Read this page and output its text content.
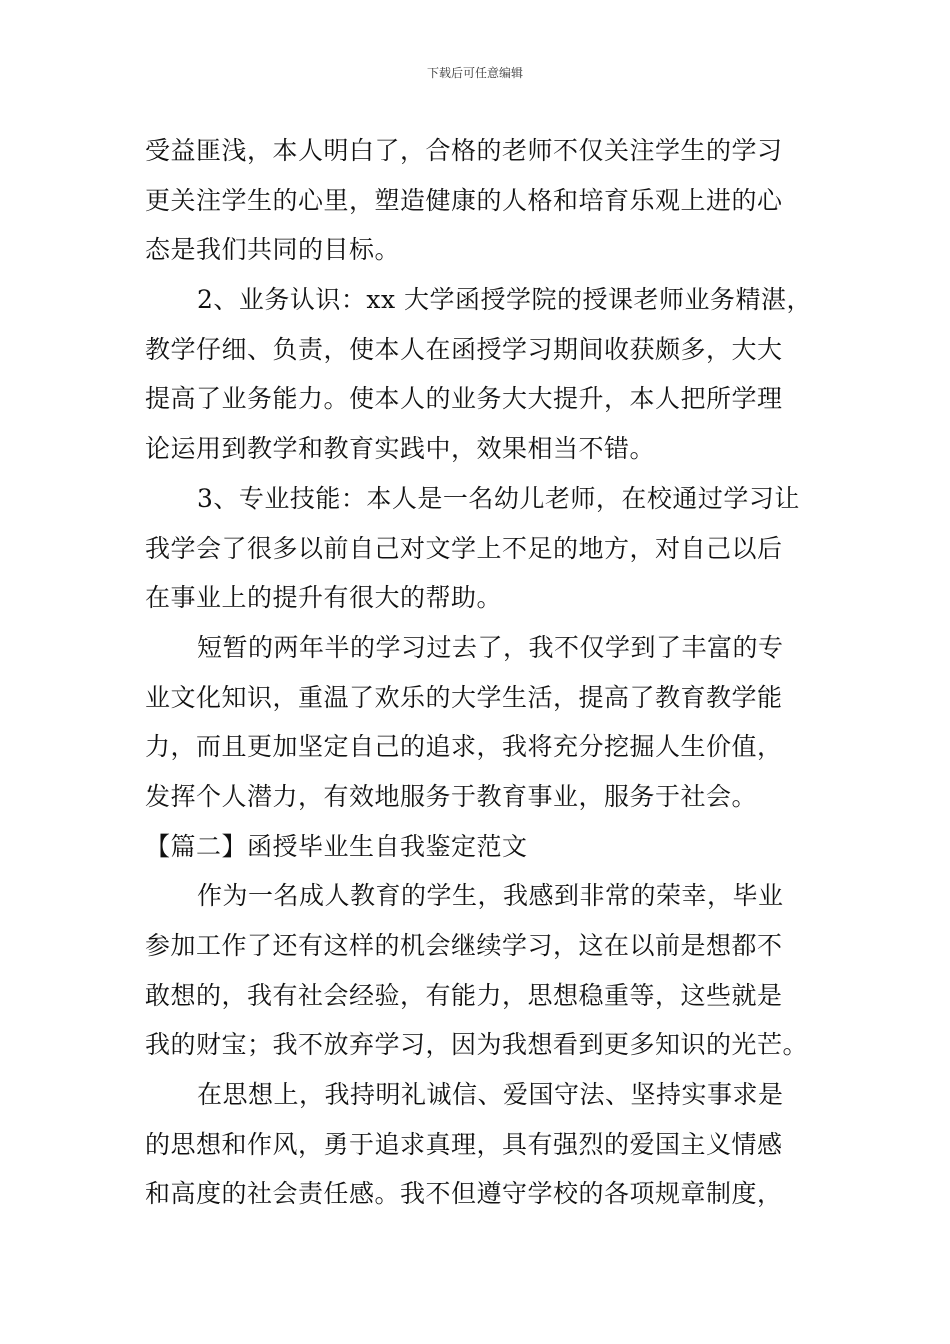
下载后可任意编辑
受益匪浅，本人明白了，合格的老师不仅关注学生的学习
更关注学生的心里，塑造健康的人格和培育乐观上进的心
态是我们共同的目标。
2、业务认识：xx 大学函授学院的授课老师业务精湛，
教学仔细、负责，使本人在函授学习期间收获颇多，大大
提高了业务能力。使本人的业务大大提升，本人把所学理
论运用到教学和教育实践中，效果相当不错。
3、专业技能：本人是一名幼儿老师，在校通过学习让
我学会了很多以前自己对文学上不足的地方，对自己以后
在事业上的提升有很大的帮助。
短暂的两年半的学习过去了，我不仅学到了丰富的专
业文化知识，重温了欢乐的大学生活，提高了教育教学能
力，而且更加坚定自己的追求，我将充分挖掘人生价值，
发挥个人潜力，有效地服务于教育事业，服务于社会。
【篇二】函授毕业生自我鉴定范文
作为一名成人教育的学生，我感到非常的荣幸，毕业
参加工作了还有这样的机会继续学习，这在以前是想都不
敢想的，我有社会经验，有能力，思想稳重等，这些就是
我的财宝；我不放弃学习，因为我想看到更多知识的光芒。
在思想上，我持明礼诚信、爱国守法、坚持实事求是
的思想和作风，勇于追求真理，具有强烈的爱国主义情感
和高度的社会责任感。我不但遵守学校的各项规章制度，
